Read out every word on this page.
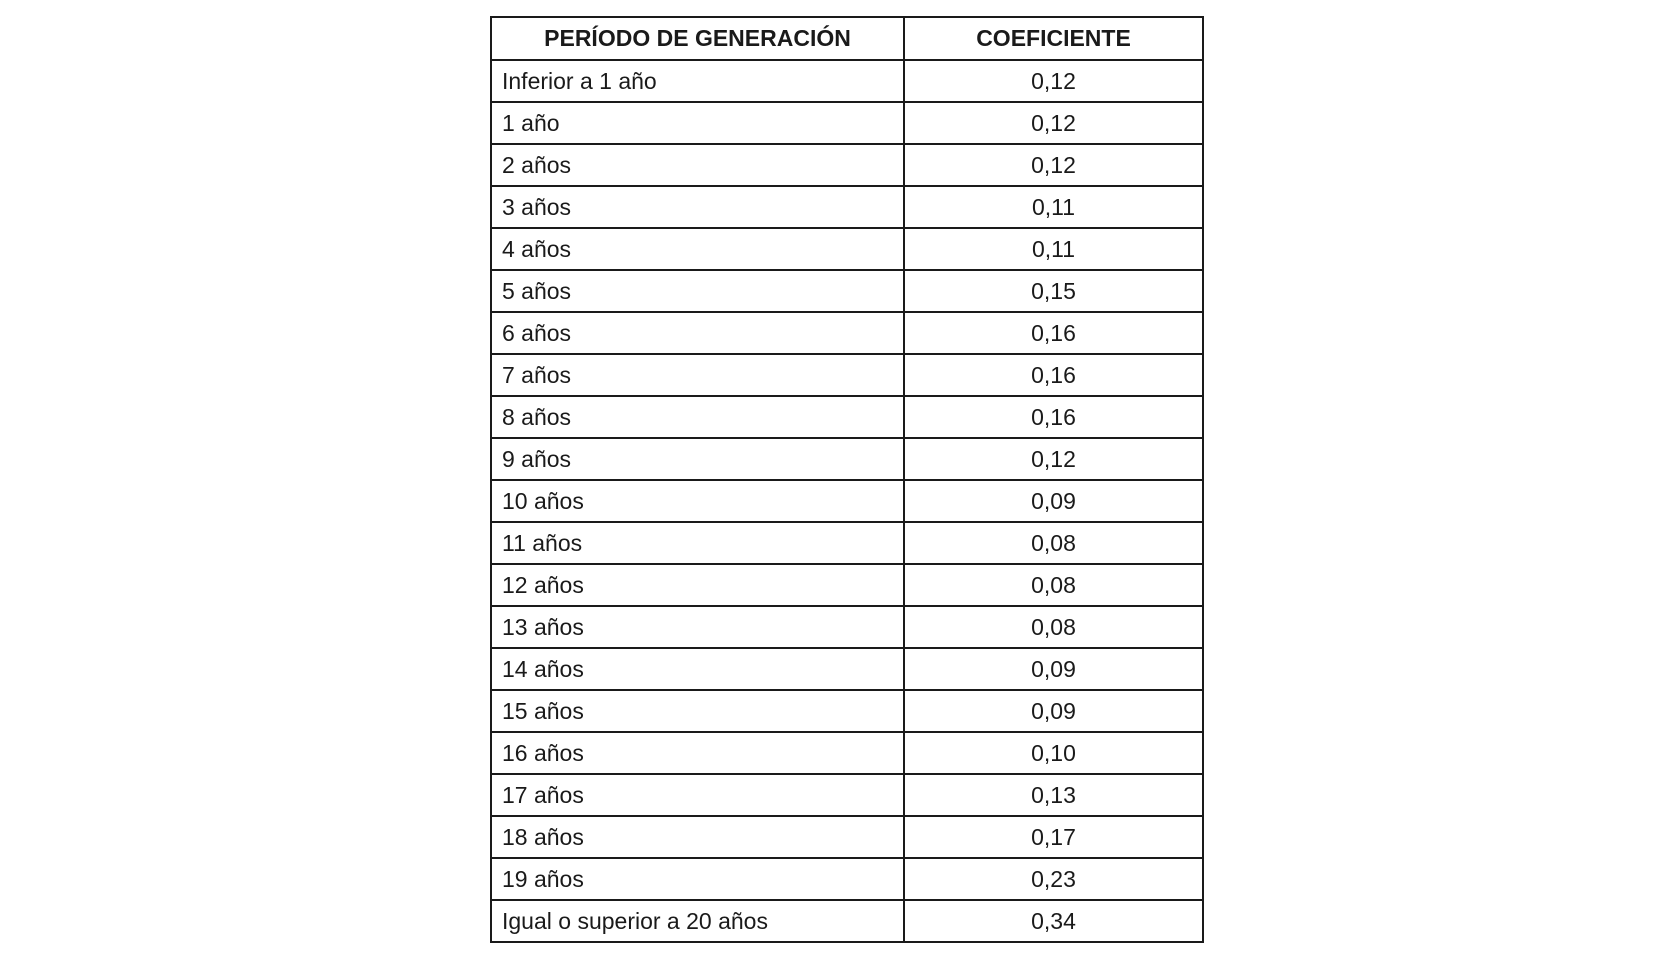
PERÍODO DE GENERACIÓN	COEFICIENTE
Inferior a 1 año	0,12
1 año	0,12
2 años	0,12
3 años	0,11
4 años	0,11
5 años	0,15
6 años	0,16
7 años	0,16
8 años	0,16
9 años	0,12
10 años	0,09
11 años	0,08
12 años	0,08
13 años	0,08
14 años	0,09
15 años	0,09
16 años	0,10
17 años	0,13
18 años	0,17
19 años	0,23
Igual o superior a 20 años	0,34
